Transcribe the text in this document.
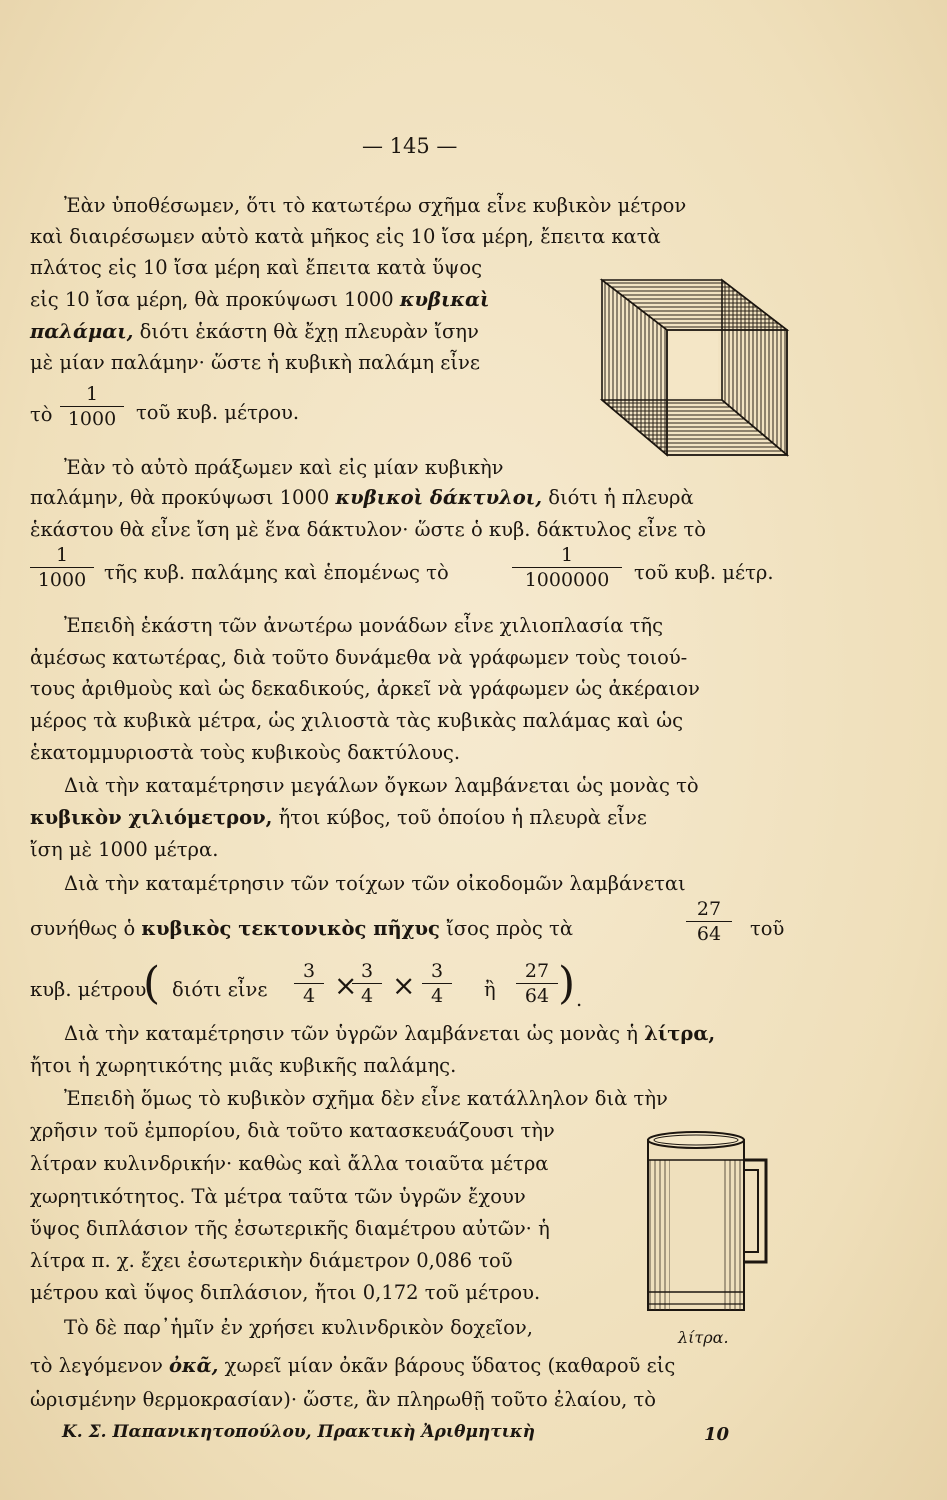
— 145 —
Ἐὰν ὑποθέσωμεν, ὅτι τὸ κατωτέρω σχῆμα εἶνε κυβικὸν μέτρον
καὶ διαιρέσωμεν αὐτὸ κατὰ μῆκος εἰς 10 ἴσα μέρη, ἔπειτα κατὰ
πλάτος εἰς 10 ἴσα μέρη καὶ ἔπειτα κατὰ ὕψος
εἰς 10 ἴσα μέρη, θὰ προκύψωσι 1000 κυβικαὶ
παλάμαι, διότι ἑκάστη θὰ ἔχῃ πλευρὰν ἴσην
μὲ μίαν παλάμην· ὥστε ἡ κυβικὴ παλάμη εἶνε
τὸ $\frac{1}{1000}$ τοῦ κυβ. μέτρου.
Ἐὰν τὸ αὐτὸ πράξωμεν καὶ εἰς μίαν κυβικὴν
παλάμην, θὰ προκύψωσι 1000 κυβικοὶ δάκτυλοι, διότι ἡ πλευρὰ
ἑκάστου θὰ εἶνε ἴση μὲ ἕνα δάκτυλον· ὥστε ὁ κυβ. δάκτυλος εἶνε τὸ
$\frac{1}{1000}$ τῆς κυβ. παλάμης καὶ ἑπομένως τὸ	$\frac{1}{1000000}$ τοῦ κυβ. μέτρ.
Ἐπειδὴ ἑκάστη τῶν ἀνωτέρω μονάδων εἶνε χιλιοπλασία τῆς
ἀμέσως κατωτέρας, διὰ τοῦτο δυνάμεθα νὰ γράφωμεν τοὺς τοιού-
τους ἀριθμοὺς καὶ ὡς δεκαδικούς, ἀρκεῖ νὰ γράφωμεν ὡς ἀκέραιον
μέρος τὰ κυβικὰ μέτρα, ὡς χιλιοστὰ τὰς κυβικὰς παλάμας καὶ ὡς
ἑκατομμυριοστὰ τοὺς κυβικοὺς δακτύλους.
Διὰ τὴν καταμέτρησιν μεγάλων ὄγκων λαμβάνεται ὡς μονὰς τὸ
κυβικὸν χιλιόμετρον, ἤτοι κύβος, τοῦ ὁποίου ἡ πλευρὰ εἶνε
ἴση μὲ 1000 μέτρα.
Διὰ τὴν καταμέτρησιν τῶν τοίχων τῶν οἰκοδομῶν λαμβάνεται
συνήθως ὁ κυβικὸς τεκτονικὸς πῆχυς ἴσος πρὸς τὰ	$\frac{27}{64}$ τοῦ
κυβ. μέτρου
( διότι εἶνε $\frac{3}{4}$ ×
$\frac{3}{4} \times \frac{3}{4}$ ἢ $\frac{27}{64}$ ) .
Διὰ τὴν καταμέτρησιν τῶν ὑγρῶν λαμβάνεται ὡς μονὰς ἡ λίτρα,
ἤτοι ἡ χωρητικότης μιᾶς κυβικῆς παλάμης.
Ἐπειδὴ ὅμως τὸ κυβικὸν σχῆμα δὲν εἶνε κατάλληλον διὰ τὴν
χρῆσιν τοῦ ἐμπορίου, διὰ τοῦτο κατασκευάζουσι τὴν
λίτραν κυλινδρικήν· καθὼς καὶ ἄλλα τοιαῦτα μέτρα
χωρητικότητος. Τὰ μέτρα ταῦτα τῶν ὑγρῶν ἔχουν
ὕψος διπλάσιον τῆς ἐσωτερικῆς διαμέτρου αὐτῶν· ἡ
λίτρα π. χ. ἔχει ἐσωτερικὴν διάμετρον 0,086 τοῦ
μέτρου καὶ ὕψος διπλάσιον, ἤτοι 0,172 τοῦ μέτρου.
λίτρα.
Τὸ δὲ παρ᾽ἡμῖν ἐν χρήσει κυλινδρικὸν δοχεῖον,
τὸ λεγόμενον ὀκᾶ, χωρεῖ μίαν ὀκᾶν βάρους ὕδατος (καθαροῦ εἰς
ὡρισμένην θερμοκρασίαν)· ὥστε, ἂν πληρωθῇ τοῦτο ἐλαίου, τὸ
Κ. Σ. Παπανικητοπούλου, Πρακτικὴ Ἀριθμητικὴ	10
